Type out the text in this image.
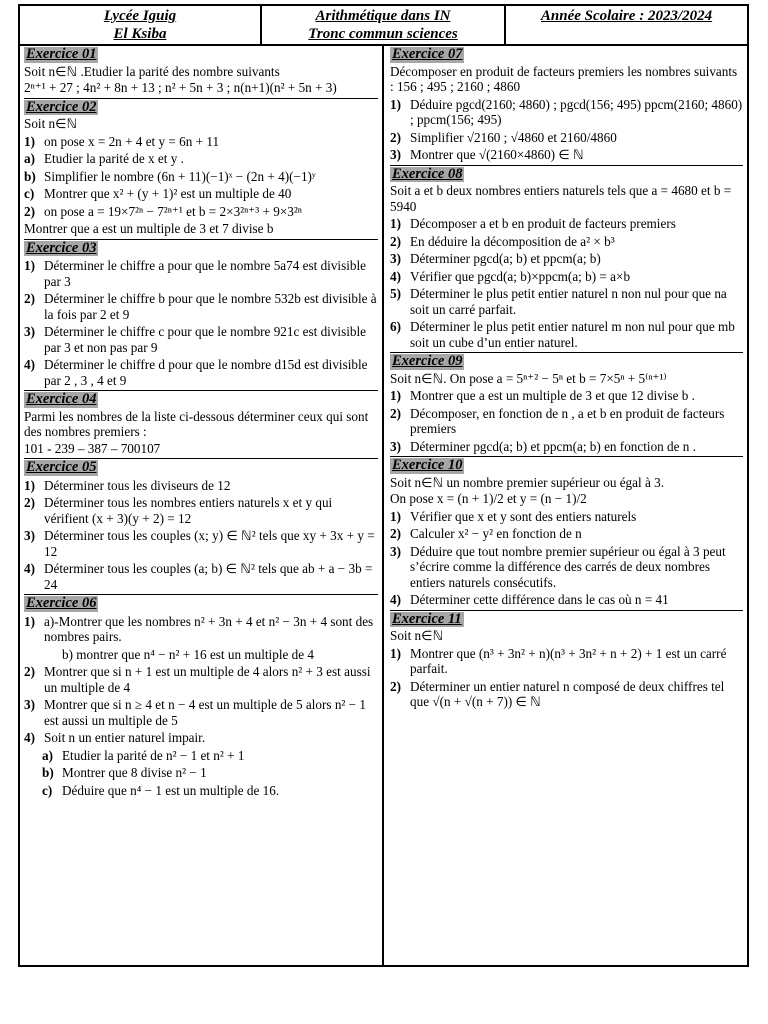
Lycée Iguig
El Ksiba
Arithmétique dans IN
Tronc commun sciences
Année Scolaire : 2023/2024
Exercice 01
Soit n∈ℕ .Etudier la parité des nombre suivants
2ⁿ⁺¹ + 27 ; 4n² + 8n + 13 ; n² + 5n + 3 ; n(n+1)(n² + 5n + 3)
Exercice 02
Soit n∈ℕ
1) on pose x = 2n + 4 et y = 6n + 11
a) Etudier la parité de x et y .
b) Simplifier le nombre (6n + 11)(−1)ˣ − (2n + 4)(−1)ʸ
c) Montrer que x² + (y + 1)² est un multiple de 40
2) on pose a = 19×7²ⁿ − 7²ⁿ⁺¹ et b = 2×3²ⁿ⁺³ + 9×3²ⁿ
Montrer que a est un multiple de 3 et 7 divise b
Exercice 03
1) Déterminer le chiffre a pour que le nombre 5a74 est divisible par 3
2) Déterminer le chiffre b pour que le nombre 532b est divisible à la fois par 2 et 9
3) Déterminer le chiffre c pour que le nombre 921c est divisible par 3 et non pas par 9
4) Déterminer le chiffre d pour que le nombre d15d est divisible par 2 , 3 , 4 et 9
Exercice 04
Parmi les nombres de la liste ci-dessous déterminer ceux qui sont des nombres premiers :
101 - 239 – 387 – 700107
Exercice 05
1) Déterminer tous les diviseurs de 12
2) Déterminer tous les nombres entiers naturels x et y qui vérifient (x + 3)(y + 2) = 12
3) Déterminer tous les couples (x; y) ∈ ℕ² tels que xy + 3x + y = 12
4) Déterminer tous les couples (a; b) ∈ ℕ² tels que ab + a − 3b = 24
Exercice 06
1) a)-Montrer que les nombres n² + 3n + 4 et n² − 3n + 4 sont des nombres pairs.
b) montrer que n⁴ − n² + 16 est un multiple de 4
2) Montrer que si n + 1 est un multiple de 4 alors n² + 3 est aussi un multiple de 4
3) Montrer que si n ≥ 4 et n − 4 est un multiple de 5 alors n² − 1 est aussi un multiple de 5
4) Soit n un entier naturel impair.
a) Etudier la parité de n² − 1 et n² + 1
b) Montrer que 8 divise n² − 1
c) Déduire que n⁴ − 1 est un multiple de 16.
Exercice 07
Décomposer en produit de facteurs premiers les nombres suivants : 156 ; 495 ; 2160 ; 4860
1) Déduire pgcd(2160; 4860) ; pgcd(156; 495) ppcm(2160; 4860) ; ppcm(156; 495)
2) Simplifier √2160 ; √4860 et 2160/4860
3) Montrer que √(2160×4860) ∈ ℕ
Exercice 08
Soit a et b deux nombres entiers naturels tels que a = 4680 et b = 5940
1) Décomposer a et b en produit de facteurs premiers
2) En déduire la décomposition de a² × b³
3) Déterminer pgcd(a; b) et ppcm(a; b)
4) Vérifier que pgcd(a; b)×ppcm(a; b) = a×b
5) Déterminer le plus petit entier naturel n non nul pour que na soit un carré parfait.
6) Déterminer le plus petit entier naturel m non nul pour que mb soit un cube d’un entier naturel.
Exercice 09
Soit n∈ℕ. On pose a = 5ⁿ⁺² − 5ⁿ et b = 7×5ⁿ + 5⁽ⁿ⁺¹⁾
1) Montrer que a est un multiple de 3 et que 12 divise b .
2) Décomposer, en fonction de n , a et b en produit de facteurs premiers
3) Déterminer pgcd(a; b) et ppcm(a; b) en fonction de n .
Exercice 10
Soit n∈ℕ un nombre premier supérieur ou égal à 3.
On pose x = (n + 1)/2 et y = (n − 1)/2
1) Vérifier que x et y sont des entiers naturels
2) Calculer x² − y² en fonction de n
3) Déduire que tout nombre premier supérieur ou égal à 3 peut s’écrire comme la différence des carrés de deux nombres entiers naturels consécutifs.
4) Déterminer cette différence dans le cas où n = 41
Exercice 11
Soit n∈ℕ
1) Montrer que (n³ + 3n² + n)(n³ + 3n² + n + 2) + 1 est un carré parfait.
2) Déterminer un entier naturel n composé de deux chiffres tel que √(n + √(n + 7)) ∈ ℕ
